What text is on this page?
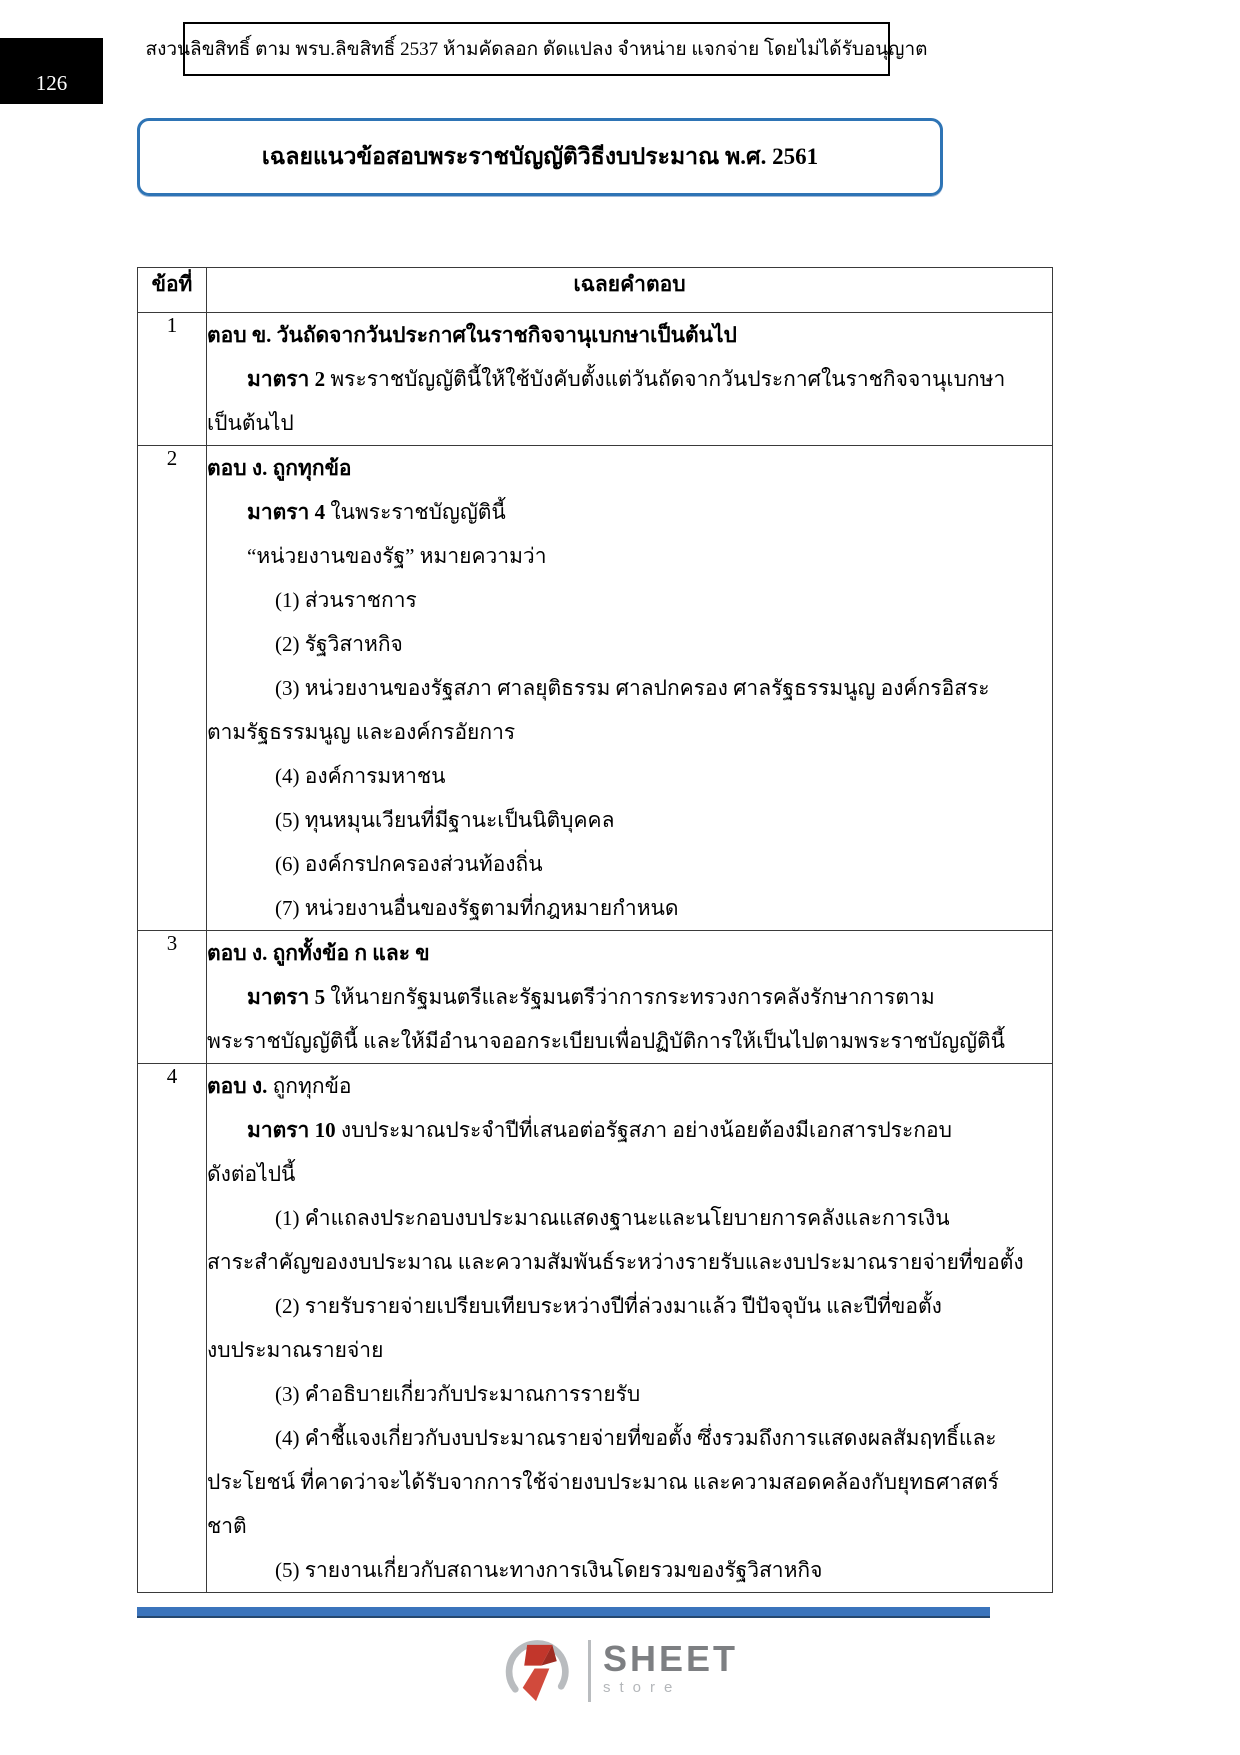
126
สงวนลิขสิทธิ์ ตาม พรบ.ลิขสิทธิ์ 2537 ห้ามคัดลอก ดัดแปลง จำหน่าย แจกจ่าย โดยไม่ได้รับอนุญาต
เฉลยแนวข้อสอบพระราชบัญญัติวิธีงบประมาณ พ.ศ. 2561
ข้อที่	เฉลยคำตอบ
1	ตอบ ข. วันถัดจากวันประกาศในราชกิจจานุเบกษาเป็นต้นไป
มาตรา 2 พระราชบัญญัตินี้ให้ใช้บังคับตั้งแต่วันถัดจากวันประกาศในราชกิจจานุเบกษา
เป็นต้นไป

2	ตอบ ง. ถูกทุกข้อ
มาตรา 4 ในพระราชบัญญัตินี้
“หน่วยงานของรัฐ” หมายความว่า
(1) ส่วนราชการ
(2) รัฐวิสาหกิจ
(3) หน่วยงานของรัฐสภา ศาลยุติธรรม ศาลปกครอง ศาลรัฐธรรมนูญ องค์กรอิสระ
ตามรัฐธรรมนูญ และองค์กรอัยการ
(4) องค์การมหาชน
(5) ทุนหมุนเวียนที่มีฐานะเป็นนิติบุคคล
(6) องค์กรปกครองส่วนท้องถิ่น
(7) หน่วยงานอื่นของรัฐตามที่กฎหมายกำหนด

3	ตอบ ง. ถูกทั้งข้อ ก และ ข
มาตรา 5 ให้นายกรัฐมนตรีและรัฐมนตรีว่าการกระทรวงการคลังรักษาการตาม
พระราชบัญญัตินี้ และให้มีอำนาจออกระเบียบเพื่อปฏิบัติการให้เป็นไปตามพระราชบัญญัตินี้

4	ตอบ ง. ถูกทุกข้อ
มาตรา 10 งบประมาณประจำปีที่เสนอต่อรัฐสภา อย่างน้อยต้องมีเอกสารประกอบ
ดังต่อไปนี้
(1) คำแถลงประกอบงบประมาณแสดงฐานะและนโยบายการคลังและการเงิน
สาระสำคัญของงบประมาณ และความสัมพันธ์ระหว่างรายรับและงบประมาณรายจ่ายที่ขอตั้ง
(2) รายรับรายจ่ายเปรียบเทียบระหว่างปีที่ล่วงมาแล้ว ปีปัจจุบัน และปีที่ขอตั้ง
งบประมาณรายจ่าย
(3) คำอธิบายเกี่ยวกับประมาณการรายรับ
(4) คำชี้แจงเกี่ยวกับงบประมาณรายจ่ายที่ขอตั้ง ซึ่งรวมถึงการแสดงผลสัมฤทธิ์และ
ประโยชน์ ที่คาดว่าจะได้รับจากการใช้จ่ายงบประมาณ และความสอดคล้องกับยุทธศาสตร์
ชาติ
(5) รายงานเกี่ยวกับสถานะทางการเงินโดยรวมของรัฐวิสาหกิจ
SHEET
store
